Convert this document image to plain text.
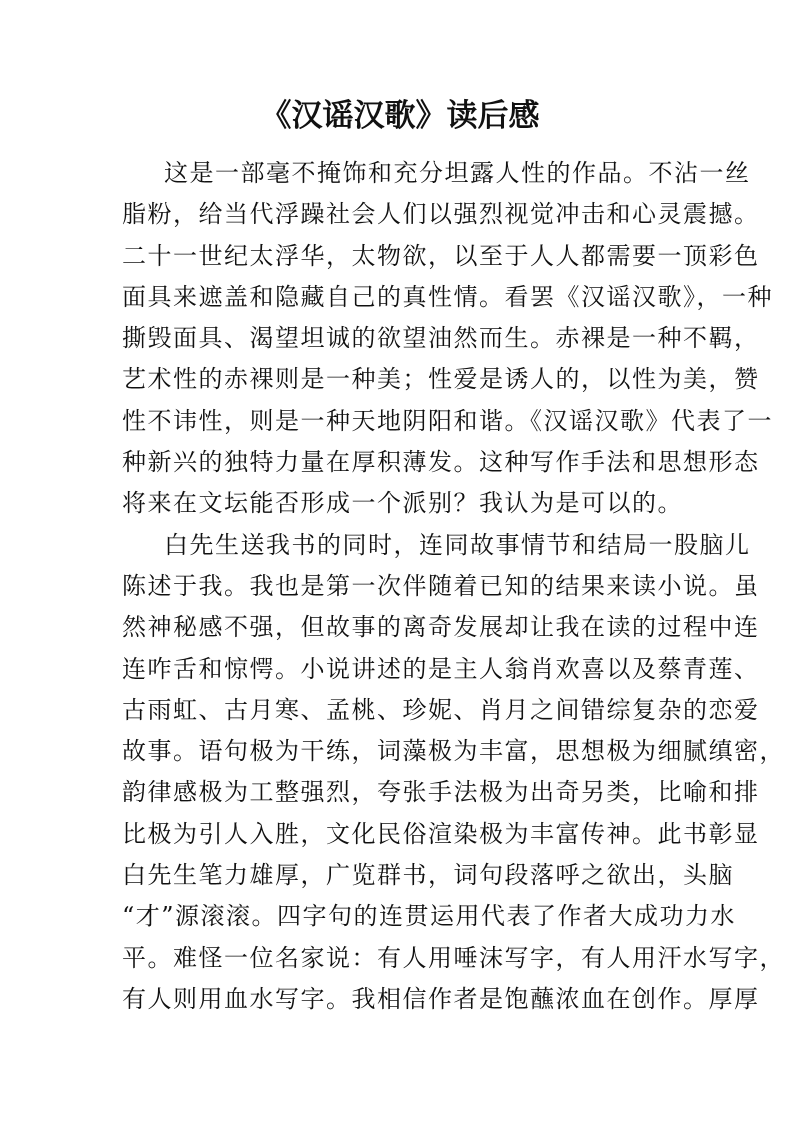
《汉谣汉歌》读后感
这是一部毫不掩饰和充分坦露人性的作品。不沾一丝
脂粉，给当代浮躁社会人们以强烈视觉冲击和心灵震撼。
二十一世纪太浮华，太物欲，以至于人人都需要一顶彩色
面具来遮盖和隐藏自己的真性情。看罢《汉谣汉歌》，一种
撕毁面具、渴望坦诚的欲望油然而生。赤裸是一种不羁，
艺术性的赤裸则是一种美；性爱是诱人的，以性为美，赞
性不讳性，则是一种天地阴阳和谐。《汉谣汉歌》代表了一
种新兴的独特力量在厚积薄发。这种写作手法和思想形态
将来在文坛能否形成一个派别？我认为是可以的。
白先生送我书的同时，连同故事情节和结局一股脑儿
陈述于我。我也是第一次伴随着已知的结果来读小说。虽
然神秘感不强，但故事的离奇发展却让我在读的过程中连
连咋舌和惊愕。小说讲述的是主人翁肖欢喜以及蔡青莲、
古雨虹、古月寒、孟桃、珍妮、肖月之间错综复杂的恋爱
故事。语句极为干练，词藻极为丰富，思想极为细腻缜密，
韵律感极为工整强烈，夸张手法极为出奇另类，比喻和排
比极为引人入胜，文化民俗渲染极为丰富传神。此书彰显
白先生笔力雄厚，广览群书，词句段落呼之欲出，头脑
“才”源滚滚。四字句的连贯运用代表了作者大成功力水
平。难怪一位名家说：有人用唾沫写字，有人用汗水写字，
有人则用血水写字。我相信作者是饱蘸浓血在创作。厚厚
